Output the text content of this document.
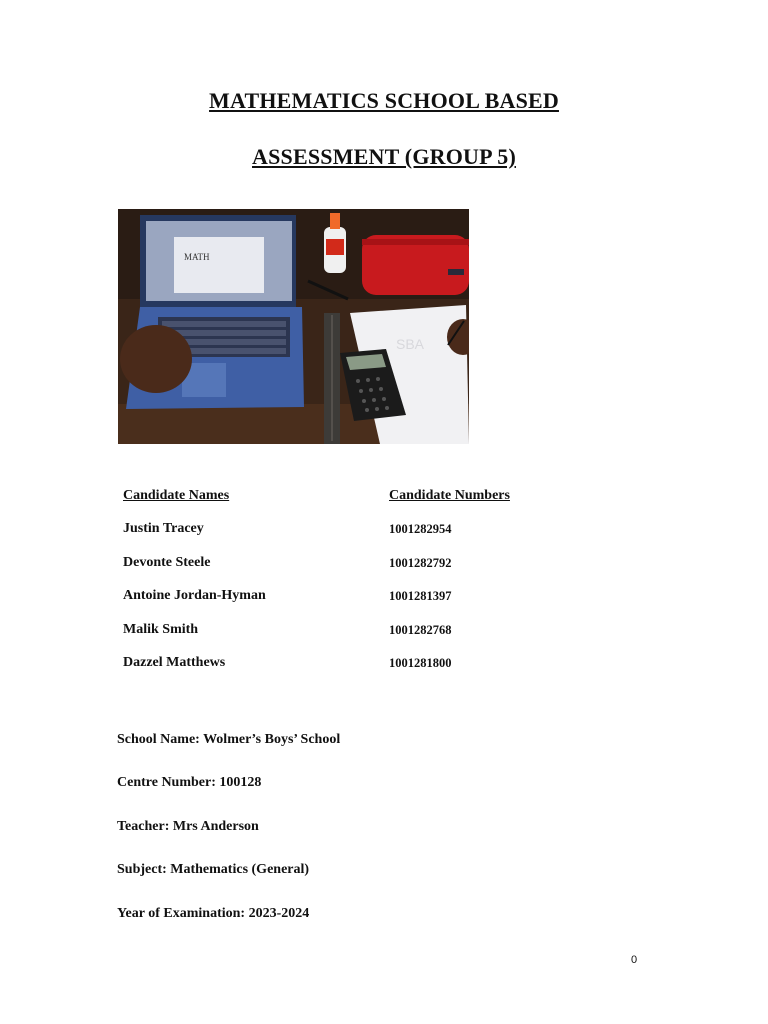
MATHEMATICS SCHOOL BASED
ASSESSMENT (GROUP 5)
MATH
SBA
Candidate Names	Candidate Numbers
Justin Tracey	1001282954
Devonte Steele	1001282792
Antoine Jordan-Hyman	1001281397
Malik Smith	1001282768
Dazzel Matthews	1001281800
School Name: Wolmer’s Boys’ School
Centre Number: 100128
Teacher: Mrs Anderson
Subject: Mathematics (General)
Year of Examination: 2023-2024
0
